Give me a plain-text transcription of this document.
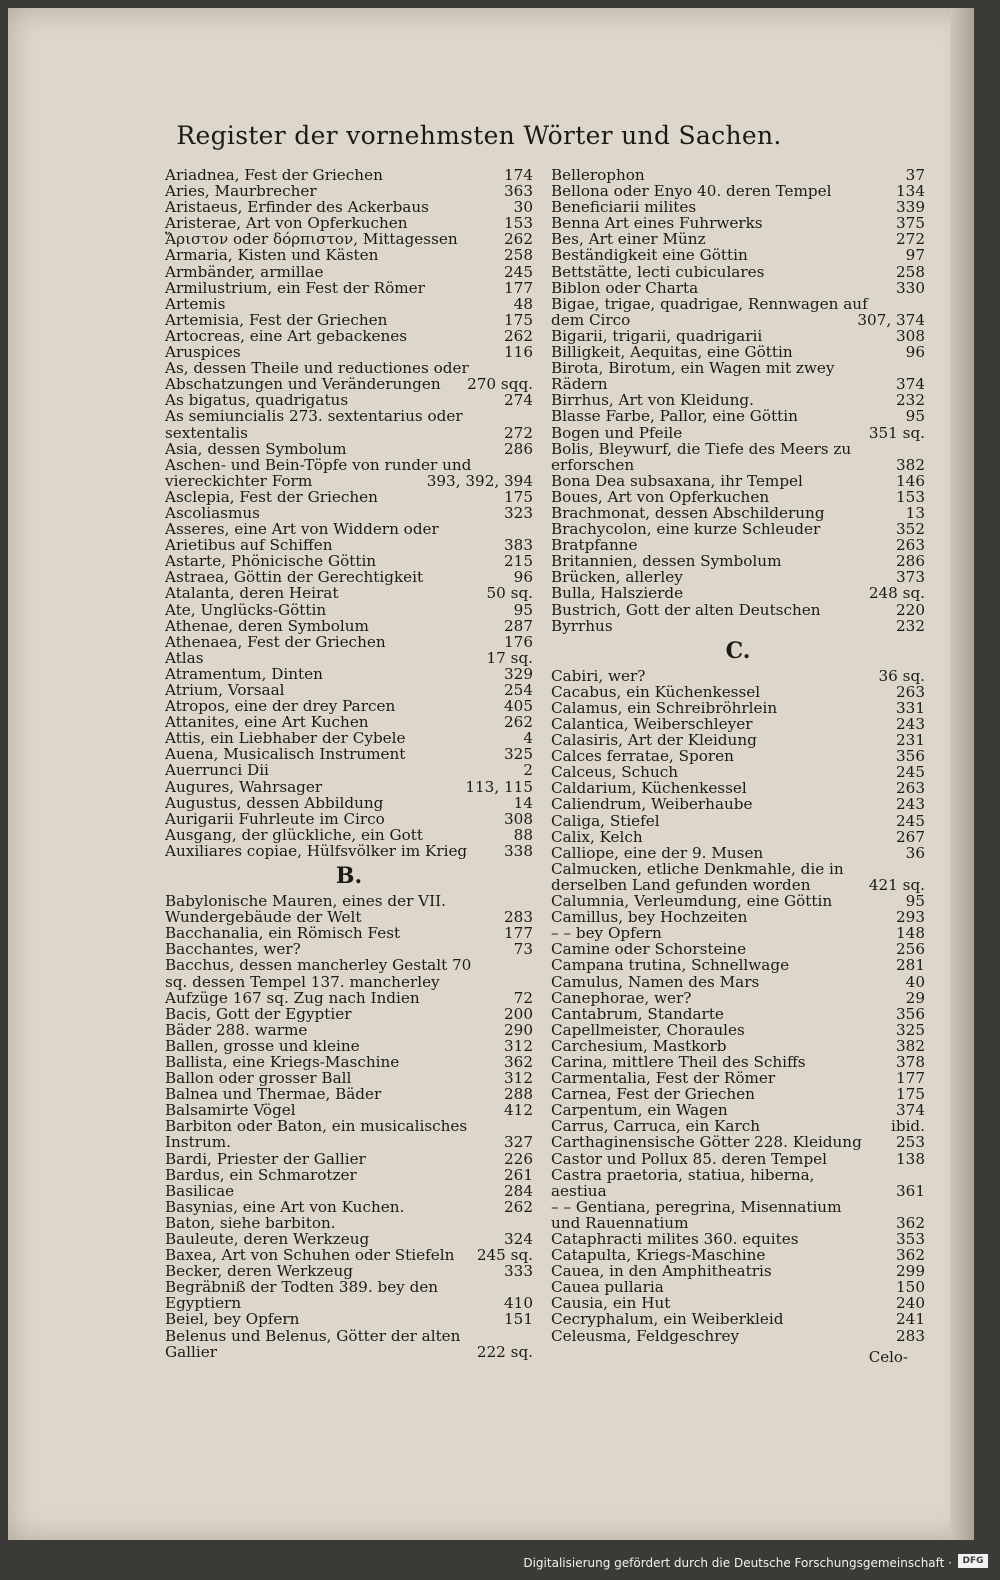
Register der vornehmsten Wörter und Sachen.
Ariadnea, Fest der Griechen	174
Aries, Maurbrecher	363
Aristaeus, Erfinder des Ackerbaus	30
Aristerae, Art von Opferkuchen	153
Ἄριστον oder δόρπιστον, Mittagessen	262
Armaria, Kisten und Kästen	258
Armbänder, armillae	245
Armilustrium, ein Fest der Römer	177
Artemis	48
Artemisia, Fest der Griechen	175
Artocreas, eine Art gebackenes	262
Aruspices	116
As, dessen Theile und reductiones oder Abschatzungen und Veränderungen	270 sqq.
As bigatus, quadrigatus	274
As semiuncialis 273. sextentarius oder sextentalis	272
Asia, dessen Symbolum	286
Aschen- und Bein-Töpfe von runder und viereckichter Form	393, 392, 394
Asclepia, Fest der Griechen	175
Ascoliasmus	323
Asseres, eine Art von Widdern oder Arietibus auf Schiffen	383
Astarte, Phönicische Göttin	215
Astraea, Göttin der Gerechtigkeit	96
Atalanta, deren Heirat	50 sq.
Ate, Unglücks-Göttin	95
Athenae, deren Symbolum	287
Athenaea, Fest der Griechen	176
Atlas	17 sq.
Atramentum, Dinten	329
Atrium, Vorsaal	254
Atropos, eine der drey Parcen	405
Attanites, eine Art Kuchen	262
Attis, ein Liebhaber der Cybele	4
Auena, Musicalisch Instrument	325
Auerrunci Dii	2
Augures, Wahrsager	113, 115
Augustus, dessen Abbildung	14
Aurigarii Fuhrleute im Circo	308
Ausgang, der glückliche, ein Gott	88
Auxiliares copiae, Hülfsvölker im Krieg	338
B.
Babylonische Mauren, eines der VII. Wundergebäude der Welt	283
Bacchanalia, ein Römisch Fest	177
Bacchantes, wer?	73
Bacchus, dessen mancherley Gestalt 70 sq. dessen Tempel 137. mancherley Aufzüge 167 sq. Zug nach Indien	72
Bacis, Gott der Egyptier	200
Bäder 288. warme	290
Ballen, grosse und kleine	312
Ballista, eine Kriegs-Maschine	362
Ballon oder grosser Ball	312
Balnea und Thermae, Bäder	288
Balsamirte Vögel	412
Barbiton oder Baton, ein musicalisches Instrum.	327
Bardi, Priester der Gallier	226
Bardus, ein Schmarotzer	261
Basilicae	284
Basynias, eine Art von Kuchen.	262
Baton, siehe barbiton.
Bauleute, deren Werkzeug	324
Baxea, Art von Schuhen oder Stiefeln	245 sq.
Becker, deren Werkzeug	333
Begräbniß der Todten 389. bey den Egyptiern	410
Beiel, bey Opfern	151
Belenus und Belenus, Götter der alten Gallier	222 sq.
Bellerophon	37
Bellona oder Enyo 40. deren Tempel	134
Beneficiarii milites	339
Benna Art eines Fuhrwerks	375
Bes, Art einer Münz	272
Beständigkeit eine Göttin	97
Bettstätte, lecti cubiculares	258
Biblon oder Charta	330
Bigae, trigae, quadrigae, Rennwagen auf dem Circo	307, 374
Bigarii, trigarii, quadrigarii	308
Billigkeit, Aequitas, eine Göttin	96
Birota, Birotum, ein Wagen mit zwey Rädern	374
Birrhus, Art von Kleidung.	232
Blasse Farbe, Pallor, eine Göttin	95
Bogen und Pfeile	351 sq.
Bolis, Bleywurf, die Tiefe des Meers zu erforschen	382
Bona Dea subsaxana, ihr Tempel	146
Boues, Art von Opferkuchen	153
Brachmonat, dessen Abschilderung	13
Brachycolon, eine kurze Schleuder	352
Bratpfanne	263
Britannien, dessen Symbolum	286
Brücken, allerley	373
Bulla, Halszierde	248 sq.
Bustrich, Gott der alten Deutschen	220
Byrrhus	232
C.
Cabiri, wer?	36 sq.
Cacabus, ein Küchenkessel	263
Calamus, ein Schreibröhrlein	331
Calantica, Weiberschleyer	243
Calasiris, Art der Kleidung	231
Calces ferratae, Sporen	356
Calceus, Schuch	245
Caldarium, Küchenkessel	263
Caliendrum, Weiberhaube	243
Caliga, Stiefel	245
Calix, Kelch	267
Calliope, eine der 9. Musen	36
Calmucken, etliche Denkmahle, die in derselben Land gefunden worden	421 sq.
Calumnia, Verleumdung, eine Göttin	95
Camillus, bey Hochzeiten	293
– – bey Opfern	148
Camine oder Schorsteine	256
Campana trutina, Schnellwage	281
Camulus, Namen des Mars	40
Canephorae, wer?	29
Cantabrum, Standarte	356
Capellmeister, Choraules	325
Carchesium, Mastkorb	382
Carina, mittlere Theil des Schiffs	378
Carmentalia, Fest der Römer	177
Carnea, Fest der Griechen	175
Carpentum, ein Wagen	374
Carrus, Carruca, ein Karch	ibid.
Carthaginensische Götter 228. Kleidung	253
Castor und Pollux 85. deren Tempel	138
Castra praetoria, statiua, hiberna, aestiua	361
– – Gentiana, peregrina, Misennatium und Rauennatium	362
Cataphracti milites 360. equites	353
Catapulta, Kriegs-Maschine	362
Cauea, in den Amphitheatris	299
Cauea pullaria	150
Causia, ein Hut	240
Cecryphalum, ein Weiberkleid	241
Celeusma, Feldgeschrey	283
Celo-
Digitalisierung gefördert durch die Deutsche Forschungsgemeinschaft ·	DFG
